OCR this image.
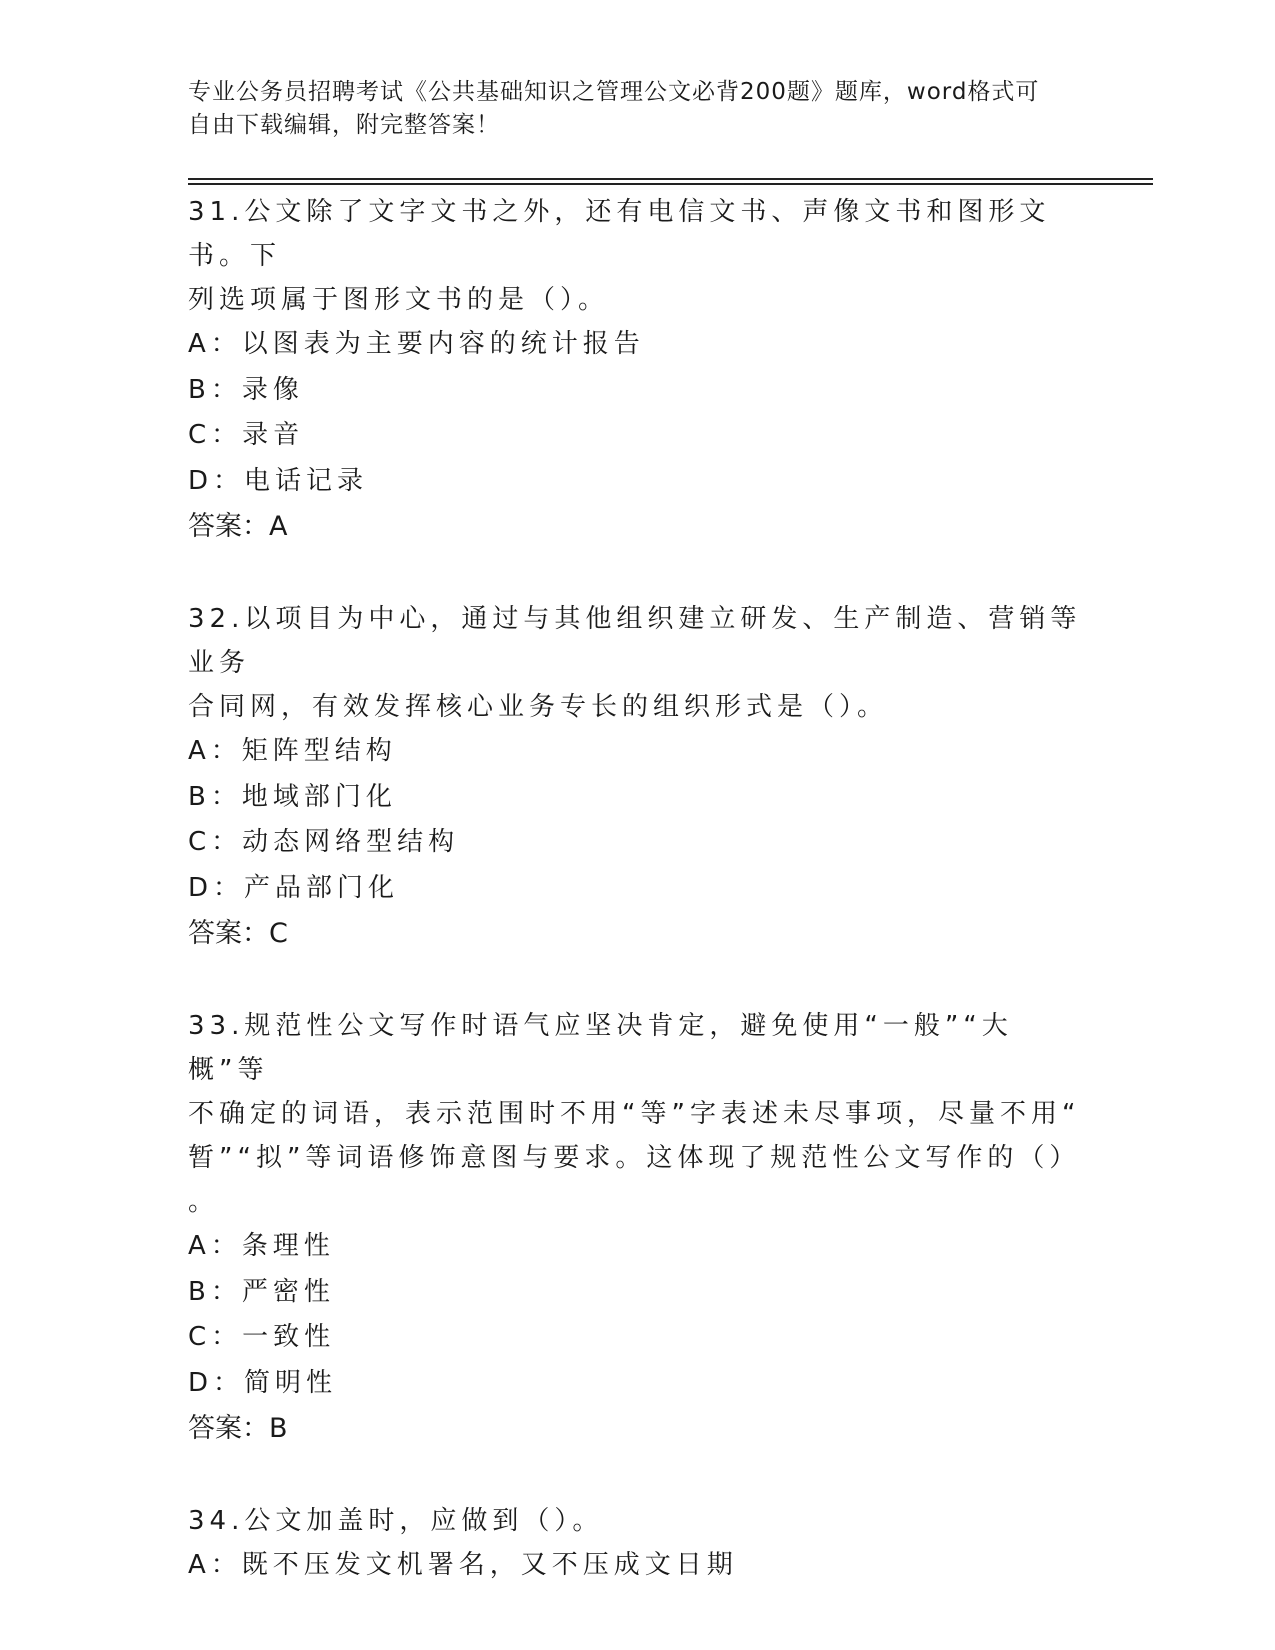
专业公务员招聘考试《公共基础知识之管理公文必背200题》题库，word格式可
自由下载编辑，附完整答案！
31.公文除了文字文书之外，还有电信文书、声像文书和图形文书。下
列选项属于图形文书的是（）。
A：以图表为主要内容的统计报告
B：录像
C：录音
D：电话记录
答案：A
32.以项目为中心，通过与其他组织建立研发、生产制造、营销等业务
合同网，有效发挥核心业务专长的组织形式是（）。
A：矩阵型结构
B：地域部门化
C：动态网络型结构
D：产品部门化
答案：C
33.规范性公文写作时语气应坚决肯定，避免使用“一般”“大概”等
不确定的词语，表示范围时不用“等”字表述未尽事项，尽量不用“
暂”“拟”等词语修饰意图与要求。这体现了规范性公文写作的（）
。
A：条理性
B：严密性
C：一致性
D：简明性
答案：B
34.公文加盖时，应做到（）。
A：既不压发文机署名，又不压成文日期
